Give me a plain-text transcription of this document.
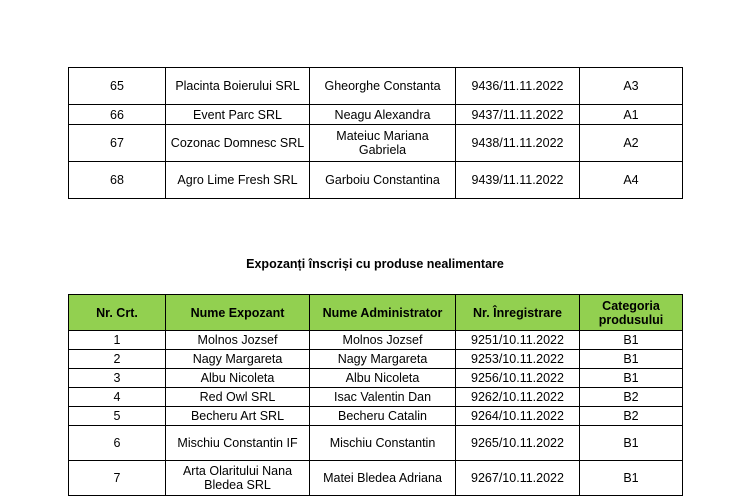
65	Placinta Boierului SRL	Gheorghe Constanta	9436/11.11.2022	A3
66	Event Parc SRL	Neagu Alexandra	9437/11.11.2022	A1
67	Cozonac Domnesc SRL	Mateiuc Mariana Gabriela	9438/11.11.2022	A2
68	Agro Lime Fresh SRL	Garboiu Constantina	9439/11.11.2022	A4
Expozanți înscriși cu produse nealimentare
Nr. Crt.	Nume Expozant	Nume Administrator	Nr. Înregistrare	Categoria produsului
1	Molnos Jozsef	Molnos Jozsef	9251/10.11.2022	B1
2	Nagy Margareta	Nagy Margareta	9253/10.11.2022	B1
3	Albu Nicoleta	Albu Nicoleta	9256/10.11.2022	B1
4	Red Owl SRL	Isac Valentin Dan	9262/10.11.2022	B2
5	Becheru Art SRL	Becheru Catalin	9264/10.11.2022	B2
6	Mischiu Constantin IF	Mischiu Constantin	9265/10.11.2022	B1
7	Arta Olaritului Nana Bledea SRL	Matei Bledea Adriana	9267/10.11.2022	B1
